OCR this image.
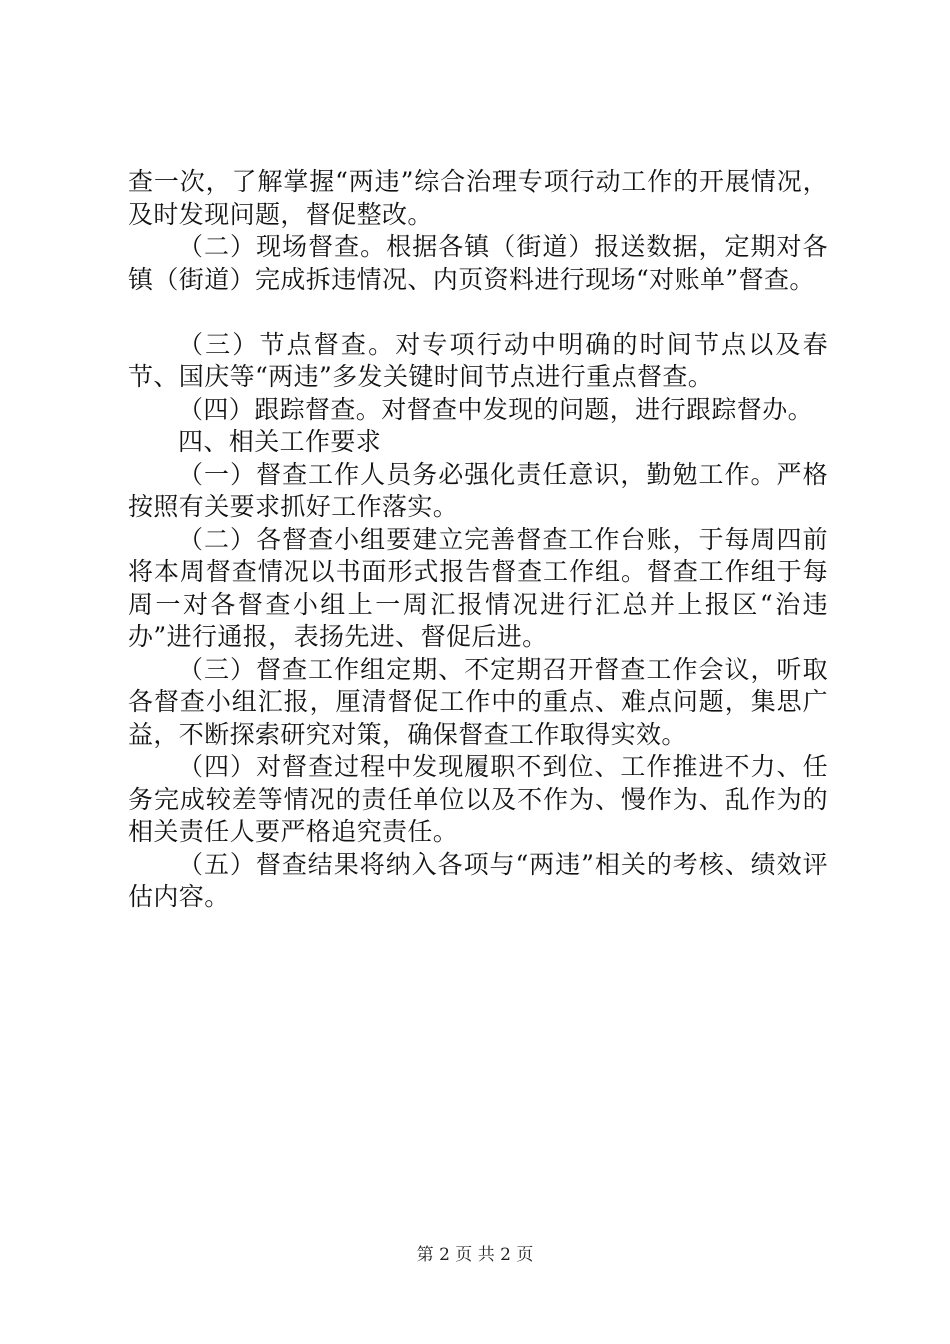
查一次，了解掌握“两违”综合治理专项行动工作的开展情况，及时发现问题，督促整改。

（二）现场督查。根据各镇（街道）报送数据，定期对各镇（街道）完成拆违情况、内页资料进行现场“对账单”督查。

（三）节点督查。对专项行动中明确的时间节点以及春节、国庆等“两违”多发关键时间节点进行重点督查。

（四）跟踪督查。对督查中发现的问题，进行跟踪督办。

四、相关工作要求

（一）督查工作人员务必强化责任意识，勤勉工作。严格按照有关要求抓好工作落实。

（二）各督查小组要建立完善督查工作台账，于每周四前将本周督查情况以书面形式报告督查工作组。督查工作组于每周一对各督查小组上一周汇报情况进行汇总并上报区“治违办”进行通报，表扬先进、督促后进。

（三）督查工作组定期、不定期召开督查工作会议，听取各督查小组汇报，厘清督促工作中的重点、难点问题，集思广益，不断探索研究对策，确保督查工作取得实效。

（四）对督查过程中发现履职不到位、工作推进不力、任务完成较差等情况的责任单位以及不作为、慢作为、乱作为的相关责任人要严格追究责任。

（五）督查结果将纳入各项与“两违”相关的考核、绩效评估内容。

第 2 页 共 2 页
